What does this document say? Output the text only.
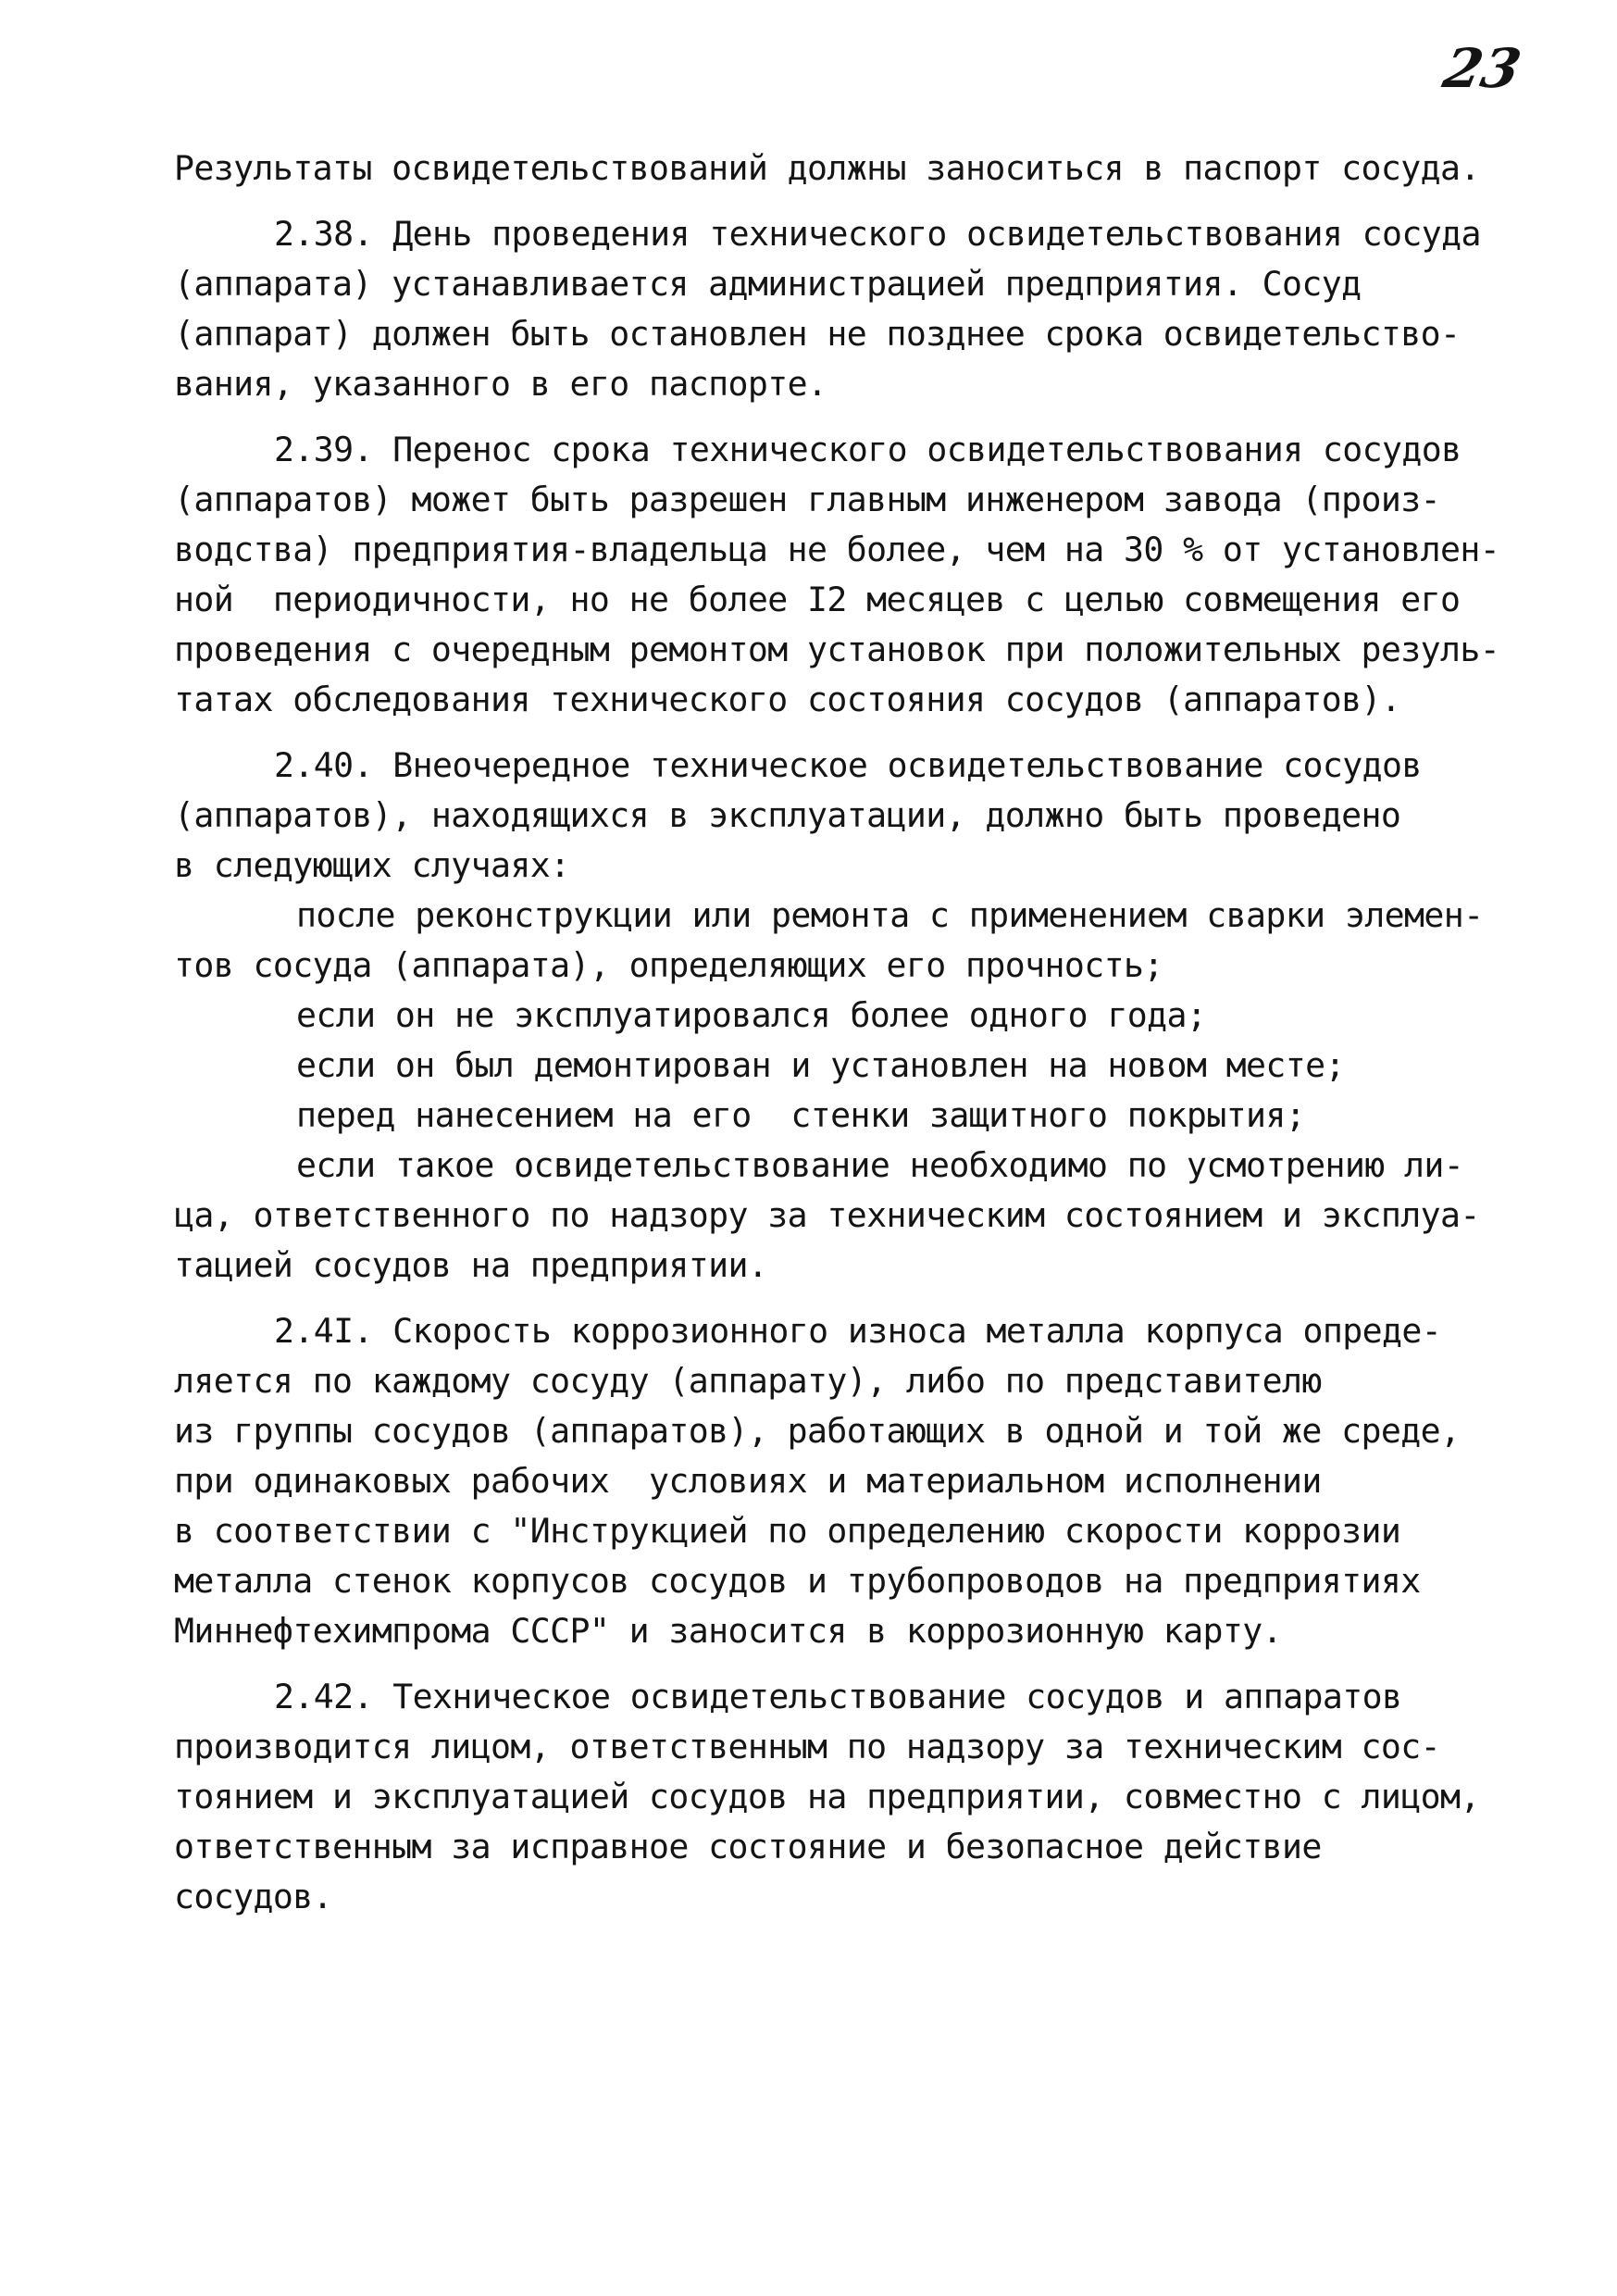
23
Результаты освидетельствований должны заноситься в паспорт сосуда.
2.38. День проведения технического освидетельствования сосуда
(аппарата) устанавливается администрацией предприятия. Сосуд
(аппарат) должен быть остановлен не позднее срока освидетельство-
вания, указанного в его паспорте.
2.39. Перенос срока технического освидетельствования сосудов
(аппаратов) может быть разрешен главным инженером завода (произ-
водства) предприятия-владельца не более, чем на 30 % от установлен-
ной  периодичности, но не более I2 месяцев с целью совмещения его
проведения с очередным ремонтом установок при положительных резуль-
татах обследования технического состояния сосудов (аппаратов).
2.40. Внеочередное техническое освидетельствование сосудов
(аппаратов), находящихся в эксплуатации, должно быть проведено
в следующих случаях:
после реконструкции или ремонта с применением сварки элемен-
тов сосуда (аппарата), определяющих его прочность;
если он не эксплуатировался более одного года;
если он был демонтирован и установлен на новом месте;
перед нанесением на его  стенки защитного покрытия;
если такое освидетельствование необходимо по усмотрению ли-
ца, ответственного по надзору за техническим состоянием и эксплуа-
тацией сосудов на предприятии.
2.4I. Скорость коррозионного износа металла корпуса опреде-
ляется по каждому сосуду (аппарату), либо по представителю
из группы сосудов (аппаратов), работающих в одной и той же среде,
при одинаковых рабочих  условиях и материальном исполнении
в соответствии с "Инструкцией по определению скорости коррозии
металла стенок корпусов сосудов и трубопроводов на предприятиях
Миннефтехимпрома СССР" и заносится в коррозионную карту.
2.42. Техническое освидетельствование сосудов и аппаратов
производится лицом, ответственным по надзору за техническим сос-
тоянием и эксплуатацией сосудов на предприятии, совместно с лицом,
ответственным за исправное состояние и безопасное действие
сосудов.
